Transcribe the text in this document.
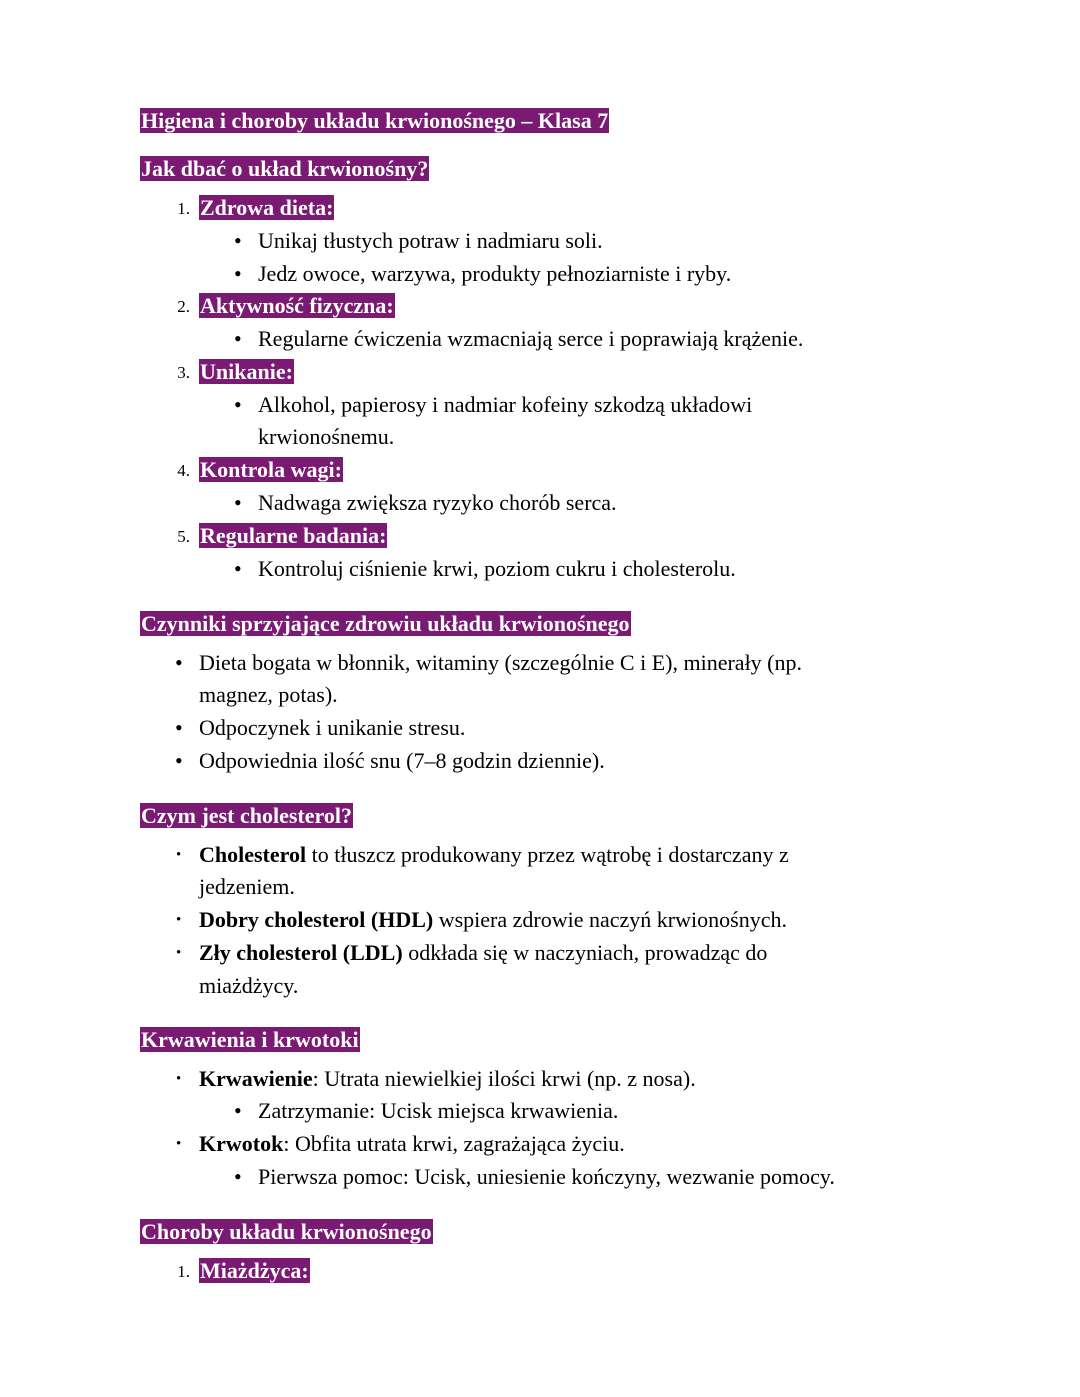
Higiena i choroby układu krwionośnego – Klasa 7
Jak dbać o układ krwionośny?
1. Zdrowa dieta:
• Unikaj tłustych potraw i nadmiaru soli.
• Jedz owoce, warzywa, produkty pełnoziarniste i ryby.
2. Aktywność fizyczna:
• Regularne ćwiczenia wzmacniają serce i poprawiają krążenie.
3. Unikanie:
• Alkohol, papierosy i nadmiar kofeiny szkodzą układowi
krwionośnemu.
4. Kontrola wagi:
• Nadwaga zwiększa ryzyko chorób serca.
5. Regularne badania:
• Kontroluj ciśnienie krwi, poziom cukru i cholesterolu.
Czynniki sprzyjające zdrowiu układu krwionośnego
• Dieta bogata w błonnik, witaminy (szczególnie C i E), minerały (np.
magnez, potas).
• Odpoczynek i unikanie stresu.
• Odpowiednia ilość snu (7–8 godzin dziennie).
Czym jest cholesterol?
• Cholesterol to tłuszcz produkowany przez wątrobę i dostarczany z
jedzeniem.
• Dobry cholesterol (HDL) wspiera zdrowie naczyń krwionośnych.
• Zły cholesterol (LDL) odkłada się w naczyniach, prowadząc do
miażdżycy.
Krwawienia i krwotoki
• Krwawienie: Utrata niewielkiej ilości krwi (np. z nosa).
• Zatrzymanie: Ucisk miejsca krwawienia.
• Krwotok: Obfita utrata krwi, zagrażająca życiu.
• Pierwsza pomoc: Ucisk, uniesienie kończyny, wezwanie pomocy.
Choroby układu krwionośnego
1. Miażdżyca:
